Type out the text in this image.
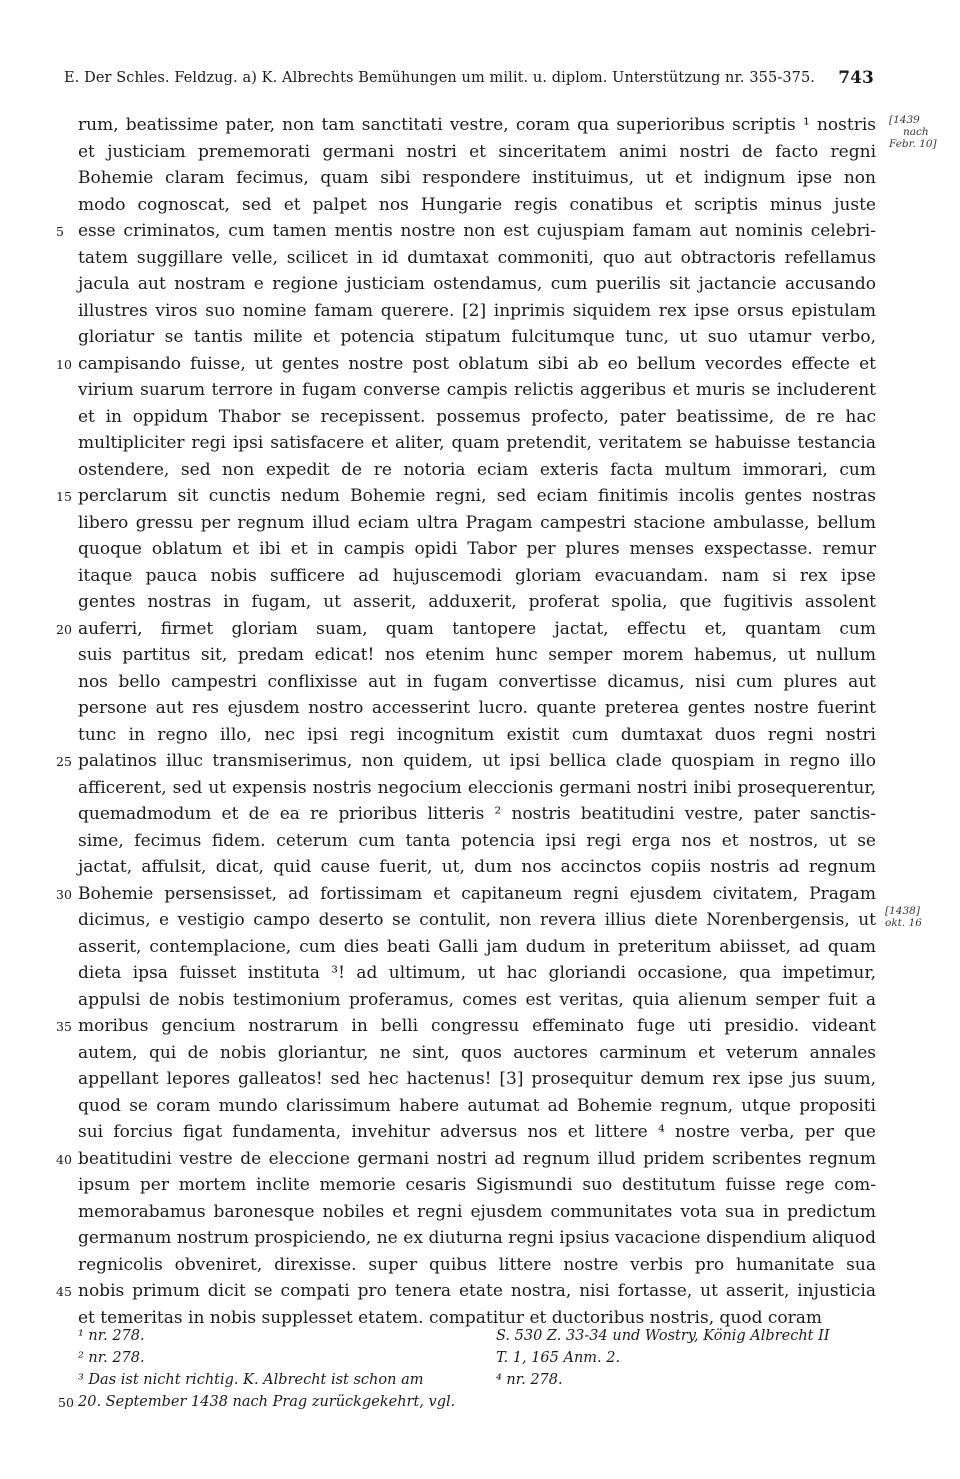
E. Der Schles. Feldzug. a) K. Albrechts Bemühungen um milit. u. diplom. Unterstützung nr. 355-375. 743
[1439
nach
Febr. 10]
[1438]
okt. 16
rum, beatissime pater, non tam sanctitati vestre, coram qua superioribus scriptis ¹ nostris
et justiciam prememorati germani nostri et sinceritatem animi nostri de facto regni
Bohemie claram fecimus, quam sibi respondere instituimus, ut et indignum ipse non
modo cognoscat, sed et palpet nos Hungarie regis conatibus et scriptis minus juste
5 esse criminatos, cum tamen mentis nostre non est cujuspiam famam aut nominis celebri-
tatem suggillare velle, scilicet in id dumtaxat commoniti, quo aut obtractoris refellamus
jacula aut nostram e regione justiciam ostendamus, cum puerilis sit jactancie accusando
illustres viros suo nomine famam querere. [2] inprimis siquidem rex ipse orsus epistulam
gloriatur se tantis milite et potencia stipatum fulcitumque tunc, ut suo utamur verbo,
10 campisando fuisse, ut gentes nostre post oblatum sibi ab eo bellum vecordes effecte et
virium suarum terrore in fugam converse campis relictis aggeribus et muris se includerent
et in oppidum Thabor se recepissent. possemus profecto, pater beatissime, de re hac
multipliciter regi ipsi satisfacere et aliter, quam pretendit, veritatem se habuisse testancia
ostendere, sed non expedit de re notoria eciam exteris facta multum immorari, cum
15 perclarum sit cunctis nedum Bohemie regni, sed eciam finitimis incolis gentes nostras
libero gressu per regnum illud eciam ultra Pragam campestri stacione ambulasse, bellum
quoque oblatum et ibi et in campis opidi Tabor per plures menses exspectasse. remur
itaque pauca nobis sufficere ad hujuscemodi gloriam evacuandam. nam si rex ipse
gentes nostras in fugam, ut asserit, adduxerit, proferat spolia, que fugitivis assolent
20 auferri, firmet gloriam suam, quam tantopere jactat, effectu et, quantam cum
suis partitus sit, predam edicat! nos etenim hunc semper morem habemus, ut nullum
nos bello campestri conflixisse aut in fugam convertisse dicamus, nisi cum plures aut
persone aut res ejusdem nostro accesserint lucro. quante preterea gentes nostre fuerint
tunc in regno illo, nec ipsi regi incognitum existit cum dumtaxat duos regni nostri
25 palatinos illuc transmiserimus, non quidem, ut ipsi bellica clade quospiam in regno illo
afficerent, sed ut expensis nostris negocium eleccionis germani nostri inibi prosequerentur,
quemadmodum et de ea re prioribus litteris ² nostris beatitudini vestre, pater sanctis-
sime, fecimus fidem. ceterum cum tanta potencia ipsi regi erga nos et nostros, ut se
jactat, affulsit, dicat, quid cause fuerit, ut, dum nos accinctos copiis nostris ad regnum
30 Bohemie persensisset, ad fortissimam et capitaneum regni ejusdem civitatem, Pragam
dicimus, e vestigio campo deserto se contulit, non revera illius diete Norenbergensis, ut
asserit, contemplacione, cum dies beati Galli jam dudum in preteritum abiisset, ad quam
dieta ipsa fuisset instituta ³! ad ultimum, ut hac gloriandi occasione, qua impetimur,
appulsi de nobis testimonium proferamus, comes est veritas, quia alienum semper fuit a
35 moribus gencium nostrarum in belli congressu effeminato fuge uti presidio. videant
autem, qui de nobis gloriantur, ne sint, quos auctores carminum et veterum annales
appellant lepores galleatos! sed hec hactenus! [3] prosequitur demum rex ipse jus suum,
quod se coram mundo clarissimum habere autumat ad Bohemie regnum, utque propositi
sui forcius figat fundamenta, invehitur adversus nos et littere ⁴ nostre verba, per que
40 beatitudini vestre de eleccione germani nostri ad regnum illud pridem scribentes regnum
ipsum per mortem inclite memorie cesaris Sigismundi suo destitutum fuisse rege com-
memorabamus baronesque nobiles et regni ejusdem communitates vota sua in predictum
germanum nostrum prospiciendo, ne ex diuturna regni ipsius vacacione dispendium aliquod
regnicolis obveniret, direxisse. super quibus littere nostre verbis pro humanitate sua
45 nobis primum dicit se compati pro tenera etate nostra, nisi fortasse, ut asserit, injusticia
et temeritas in nobis supplesset etatem. compatitur et ductoribus nostris, quod coram
¹ nr. 278.
² nr. 278.
³ Das ist nicht richtig. K. Albrecht ist schon am
50 20. September 1438 nach Prag zurückgekehrt, vgl.
S. 530 Z. 33-34 und Wostry, König Albrecht II
T. 1, 165 Anm. 2.
⁴ nr. 278.
